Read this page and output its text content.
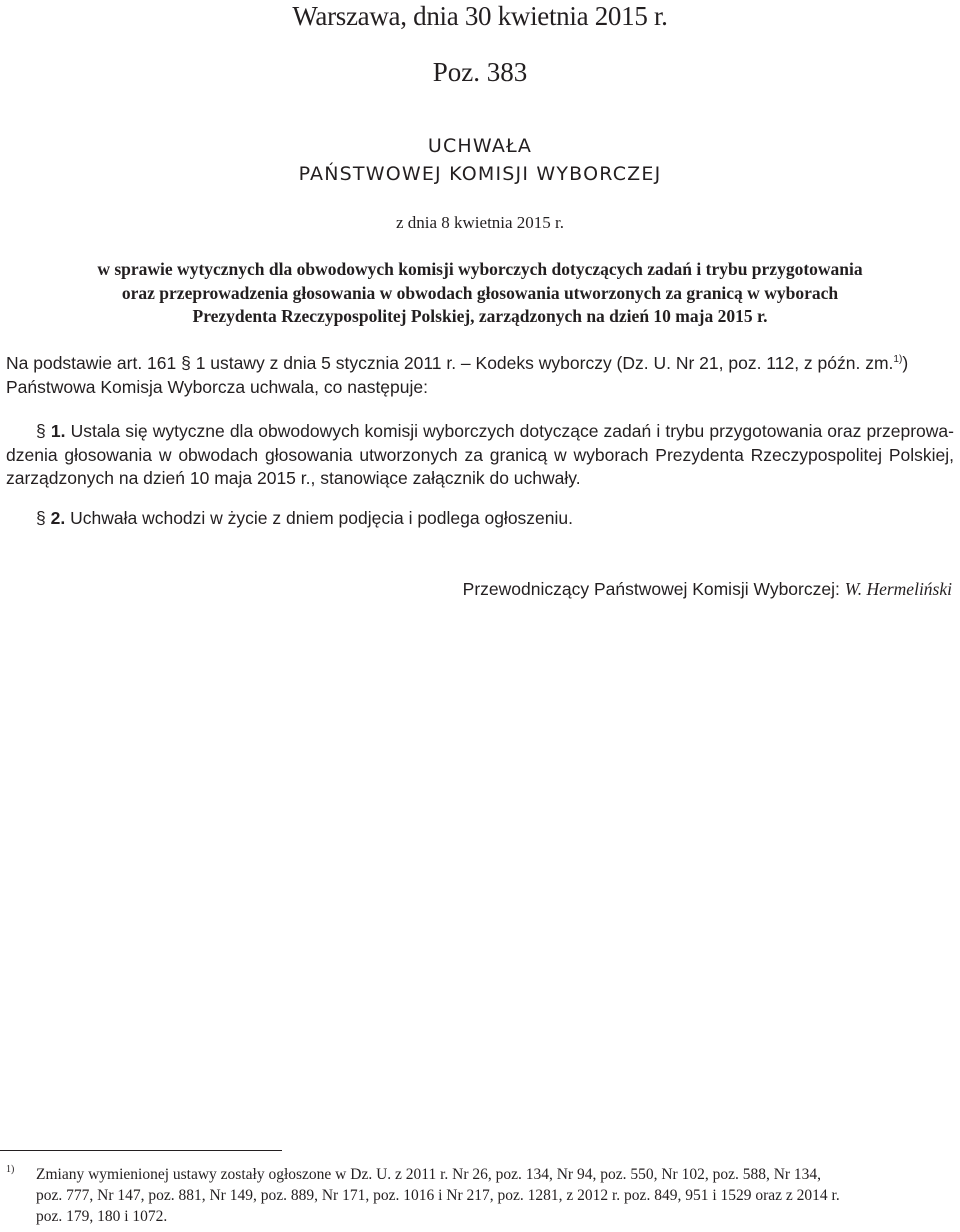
Warszawa, dnia 30 kwietnia 2015 r.
Poz. 383
UCHWAŁA
PAŃSTWOWEJ KOMISJI WYBORCZEJ
z dnia 8 kwietnia 2015 r.
w sprawie wytycznych dla obwodowych komisji wyborczych dotyczących zadań i trybu przygotowania
oraz przeprowadzenia głosowania w obwodach głosowania utworzonych za granicą w wyborach
Prezydenta Rzeczypospolitej Polskiej, zarządzonych na dzień 10 maja 2015 r.
Na podstawie art. 161 § 1 ustawy z dnia 5 stycznia 2011 r. – Kodeks wyborczy (Dz. U. Nr 21, poz. 112, z późn. zm.$^{1)}$)
Państwowa Komisja Wyborcza uchwala, co następuje:
§ 1. Ustala się wytyczne dla obwodowych komisji wyborczych dotyczące zadań i trybu przygotowania oraz przeprowa-
dzenia głosowania w obwodach głosowania utworzonych za granicą w wyborach Prezydenta Rzeczypospolitej Polskiej,
zarządzonych na dzień 10 maja 2015 r., stanowiące załącznik do uchwały.
§ 2. Uchwała wchodzi w życie z dniem podjęcia i podlega ogłoszeniu.
Przewodniczący Państwowej Komisji Wyborczej: W. Hermeliński
1) Zmiany wymienionej ustawy zostały ogłoszone w Dz. U. z 2011 r. Nr 26, poz. 134, Nr 94, poz. 550, Nr 102, poz. 588, Nr 134,
poz. 777, Nr 147, poz. 881, Nr 149, poz. 889, Nr 171, poz. 1016 i Nr 217, poz. 1281, z 2012 r. poz. 849, 951 i 1529 oraz z 2014 r.
poz. 179, 180 i 1072.
